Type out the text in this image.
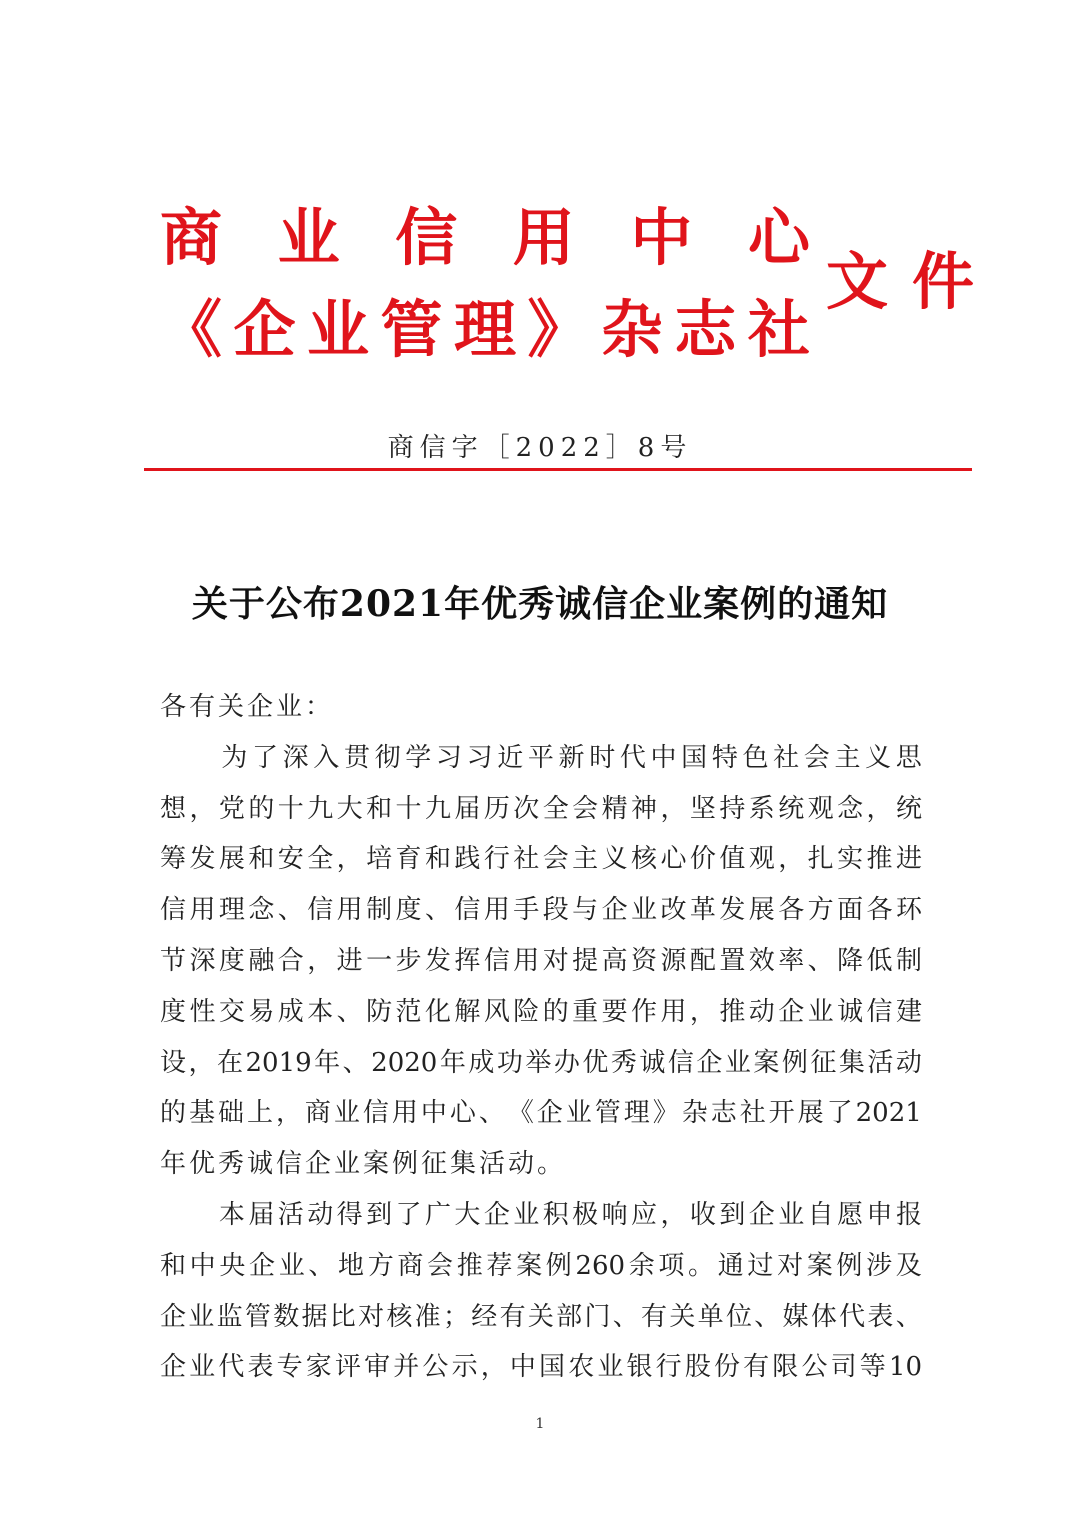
商 业 信 用 中 心
《 企 业 管 理 》 杂 志 社
文件
商信字［2022］8号
关于公布2021年优秀诚信企业案例的通知
各有关企业：

为 了 深 入 贯 彻 学 习 习 近 平 新 时 代 中 国 特 色 社 会 主 义 思
想 ， 党 的 十 九 大 和 十 九 届 历 次 全 会 精 神 ， 坚 持 系 统 观 念 ， 统
筹 发 展 和 安 全 ， 培 育 和 践 行 社 会 主 义 核 心 价 值 观 ， 扎 实 推 进
信 用 理 念 、 信 用 制 度 、 信 用 手 段 与 企 业 改 革 发 展 各 方 面 各 环
节 深 度 融 合 ， 进 一 步 发 挥 信 用 对 提 高 资 源 配 置 效 率 、 降 低 制
度 性 交 易 成 本 、 防 范 化 解 风 险 的 重 要 作 用 ， 推 动 企 业 诚 信 建
设 ， 在 2019 年 、 2020 年 成 功 举 办 优 秀 诚 信 企 业 案 例 征 集 活 动
的 基 础 上 ， 商 业 信 用 中 心 、 《 企 业 管 理 》 杂 志 社 开 展 了 2021
年优秀诚信企业案例征集活动。

本 届 活 动 得 到 了 广 大 企 业 积 极 响 应 ， 收 到 企 业 自 愿 申 报
和 中 央 企 业 、 地 方 商 会 推 荐 案 例 260 余 项 。 通 过 对 案 例 涉 及
企 业 监 管 数 据 比 对 核 准 ； 经 有 关 部 门 、 有 关 单 位 、 媒 体 代 表 、
企 业 代 表 专 家 评 审 并 公 示 ， 中 国 农 业 银 行 股 份 有 限 公 司 等 10
1
